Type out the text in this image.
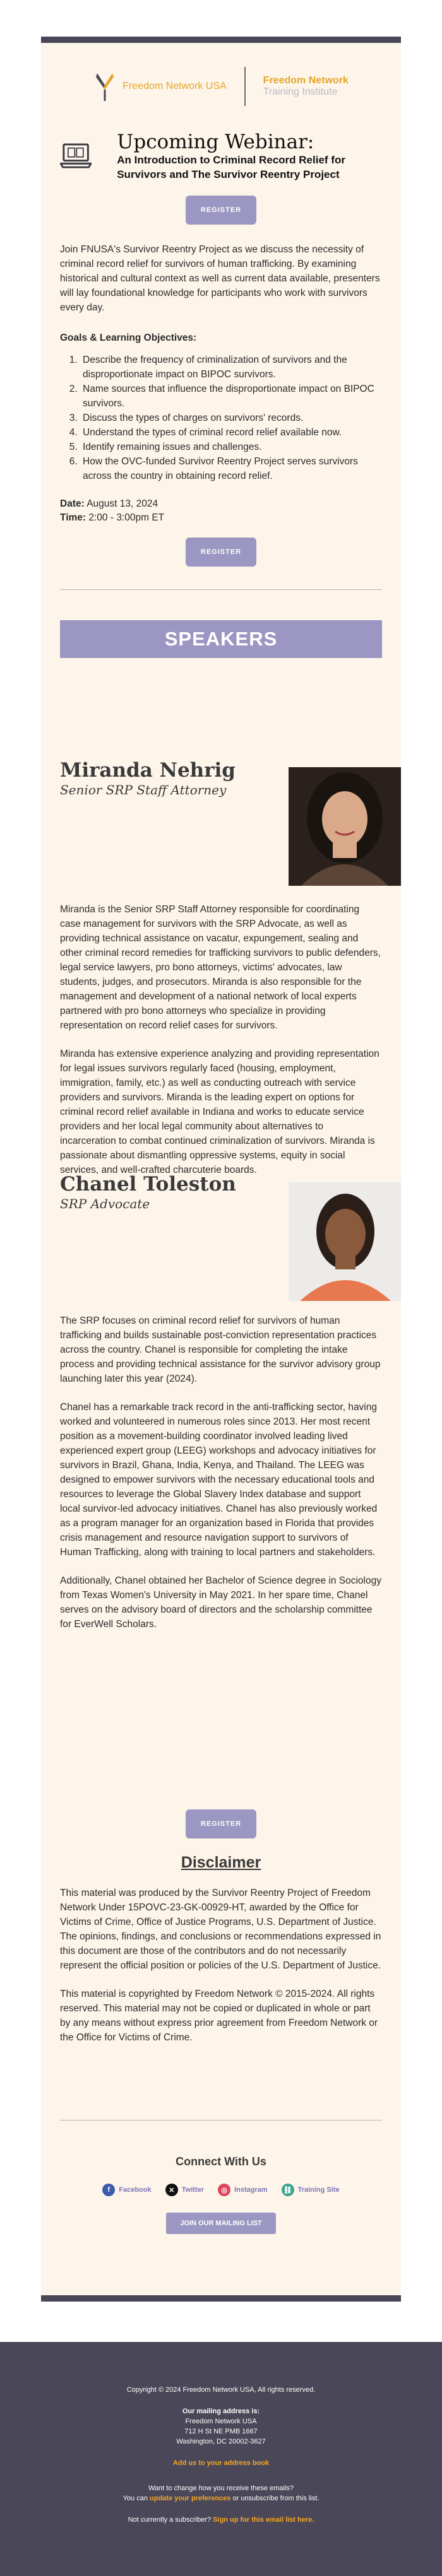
Freedom Network USA
Freedom Network
Training Institute
Upcoming Webinar:
An Introduction to Criminal Record Relief for Survivors and The Survivor Reentry Project
REGISTER

Join FNUSA's Survivor Reentry Project as we discuss the necessity of criminal record relief for survivors of human trafficking. By examining historical and cultural context as well as current data available, presenters will lay foundational knowledge for participants who work with survivors every day.

Goals & Learning Objectives:
1. Describe the frequency of criminalization of survivors and the disproportionate impact on BIPOC survivors.
2. Name sources that influence the disproportionate impact on BIPOC survivors.
3. Discuss the types of charges on survivors' records.
4. Understand the types of criminal record relief available now.
5. Identify remaining issues and challenges.
6. How the OVC-funded Survivor Reentry Project serves survivors across the country in obtaining record relief.
Date: August 13, 2024
Time: 2:00 - 3:00pm ET
REGISTER
SPEAKERS
Miranda Nehrig
Senior SRP Staff Attorney

Miranda is the Senior SRP Staff Attorney responsible for coordinating case management for survivors with the SRP Advocate, as well as providing technical assistance on vacatur, expungement, sealing and other criminal record remedies for trafficking survivors to public defenders, legal service lawyers, pro bono attorneys, victims' advocates, law students, judges, and prosecutors. Miranda is also responsible for the management and development of a national network of local experts partnered with pro bono attorneys who specialize in providing representation on record relief cases for survivors.

Miranda has extensive experience analyzing and providing representation for legal issues survivors regularly faced (housing, employment, immigration, family, etc.) as well as conducting outreach with service providers and survivors. Miranda is the leading expert on options for criminal record relief available in Indiana and works to educate service providers and her local legal community about alternatives to incarceration to combat continued criminalization of survivors. Miranda is passionate about dismantling oppressive systems, equity in social services, and well-crafted charcuterie boards.

Chanel Toleston
SRP Advocate

The SRP focuses on criminal record relief for survivors of human trafficking and builds sustainable post-conviction representation practices across the country. Chanel is responsible for completing the intake process and providing technical assistance for the survivor advisory group launching later this year (2024).

Chanel has a remarkable track record in the anti-trafficking sector, having worked and volunteered in numerous roles since 2013. Her most recent position as a movement-building coordinator involved leading lived experienced expert group (LEEG) workshops and advocacy initiatives for survivors in Brazil, Ghana, India, Kenya, and Thailand. The LEEG was designed to empower survivors with the necessary educational tools and resources to leverage the Global Slavery Index database and support local survivor-led advocacy initiatives. Chanel has also previously worked as a program manager for an organization based in Florida that provides crisis management and resource navigation support to survivors of Human Trafficking, along with training to local partners and stakeholders.

Additionally, Chanel obtained her Bachelor of Science degree in Sociology from Texas Women's University in May 2021. In her spare time, Chanel serves on the advisory board of directors and the scholarship committee for EverWell Scholars.

REGISTER
Disclaimer

This material was produced by the Survivor Reentry Project of Freedom Network Under 15POVC-23-GK-00929-HT, awarded by the Office for Victims of Crime, Office of Justice Programs, U.S. Department of Justice. The opinions, findings, and conclusions or recommendations expressed in this document are those of the contributors and do not necessarily represent the official position or policies of the U.S. Department of Justice.

This material is copyrighted by Freedom Network © 2015-2024. All rights reserved. This material may not be copied or duplicated in whole or part by any means without express prior agreement from Freedom Network or the Office for Victims of Crime.

Connect With Us
f	Facebook	✕	Twitter	◎	Instagram ⛓ Training Site
JOIN OUR MAILING LIST
Copyright © 2024 Freedom Network USA, All rights reserved.
Our mailing address is:
Freedom Network USA
712 H St NE PMB 1667
Washington, DC 20002-3627
Add us to your address book
Want to change how you receive these emails?
You can update your preferences or unsubscribe from this list.
Not currently a subscriber? Sign up for this email list here.
